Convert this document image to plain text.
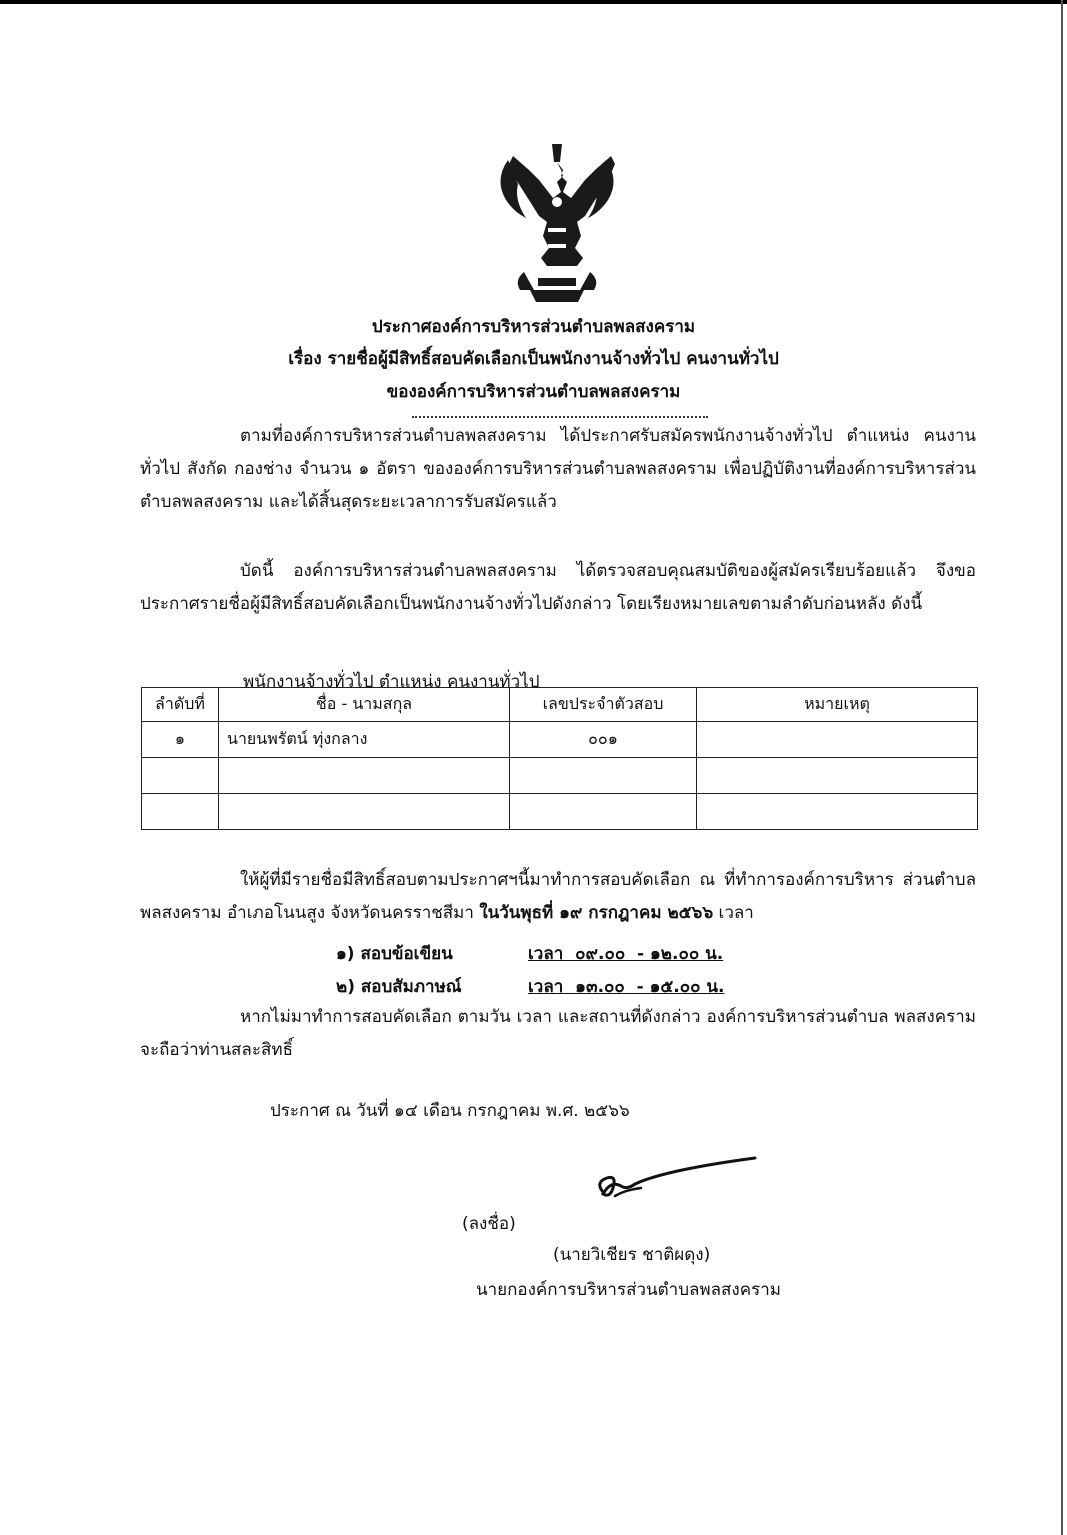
ประกาศองค์การบริหารส่วนตำบลพลสงคราม
เรื่อง รายชื่อผู้มีสิทธิ์สอบคัดเลือกเป็นพนักงานจ้างทั่วไป คนงานทั่วไป
ขององค์การบริหารส่วนตำบลพลสงคราม

ตามที่องค์การบริหารส่วนตำบลพลสงคราม ได้ประกาศรับสมัครพนักงานจ้างทั่วไป ตำแหน่ง คนงานทั่วไป สังกัด กองช่าง จำนวน ๑ อัตรา ขององค์การบริหารส่วนตำบลพลสงคราม เพื่อปฏิบัติงานที่องค์การบริหารส่วนตำบลพลสงคราม และได้สิ้นสุดระยะเวลาการรับสมัครแล้ว

บัดนี้ องค์การบริหารส่วนตำบลพลสงคราม ได้ตรวจสอบคุณสมบัติของผู้สมัครเรียบร้อยแล้ว จึงขอประกาศรายชื่อผู้มีสิทธิ์สอบคัดเลือกเป็นพนักงานจ้างทั่วไปดังกล่าว โดยเรียงหมายเลขตามลำดับก่อนหลัง ดังนี้

พนักงานจ้างทั่วไป ตำแหน่ง คนงานทั่วไป
ลำดับที่	ชื่อ - นามสกุล	เลขประจำตัวสอบ	หมายเหตุ
๑	นายนพรัตน์ ทุ่งกลาง	๐๐๑	

ให้ผู้ที่มีรายชื่อมีสิทธิ์สอบตามประกาศฯนี้มาทำการสอบคัดเลือก ณ ที่ทำการองค์การบริหาร ส่วนตำบลพลสงคราม อำเภอโนนสูง จังหวัดนครราชสีมา ในวันพุธที่ ๑๙ กรกฎาคม ๒๕๖๖ เวลา

๑) สอบข้อเขียน	เวลา  ๐๙.๐๐  - ๑๒.๐๐ น.
๒) สอบสัมภาษณ์	เวลา  ๑๓.๐๐  - ๑๕.๐๐ น.

หากไม่มาทำการสอบคัดเลือก ตามวัน เวลา และสถานที่ดังกล่าว องค์การบริหารส่วนตำบล พลสงครามจะถือว่าท่านสละสิทธิ์

ประกาศ ณ วันที่ ๑๔ เดือน กรกฎาคม พ.ศ. ๒๕๖๖
(ลงชื่อ)
(นายวิเชียร ชาติผดุง)
นายกองค์การบริหารส่วนตำบลพลสงคราม
